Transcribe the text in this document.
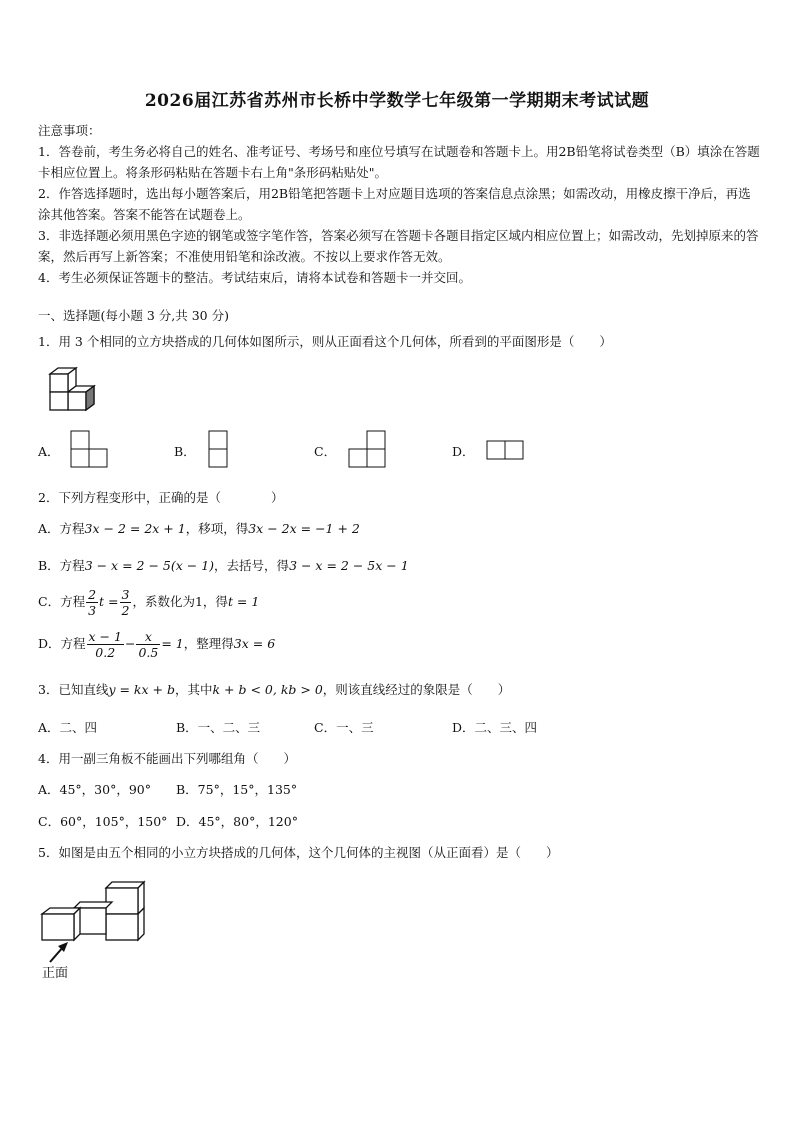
2026届江苏省苏州市长桥中学数学七年级第一学期期末考试试题

注意事项：

1．答卷前，考生务必将自己的姓名、准考证号、考场号和座位号填写在试题卷和答题卡上。用2B铅笔将试卷类型（B）填涂在答题卡相应位置上。将条形码粘贴在答题卡右上角"条形码粘贴处"。

2．作答选择题时，选出每小题答案后，用2B铅笔把答题卡上对应题目选项的答案信息点涂黑；如需改动，用橡皮擦干净后，再选涂其他答案。答案不能答在试题卷上。

3．非选择题必须用黑色字迹的钢笔或签字笔作答，答案必须写在答题卡各题目指定区域内相应位置上；如需改动，先划掉原来的答案，然后再写上新答案；不准使用铅笔和涂改液。不按以上要求作答无效。

4．考生必须保证答题卡的整洁。考试结束后，请将本试卷和答题卡一并交回。

一、选择题(每小题 3 分,共 30 分)
1．用 3 个相同的立方块搭成的几何体如图所示，则从正面看这个几何体，所看到的平面图形是（　　）
A．	B．	C．	D．
2．下列方程变形中，正确的是（　　　　）
A．方程3x − 2 = 2x + 1，移项，得3x − 2x = −1 + 2
B．方程3 − x = 2 − 5(x − 1)，去括号，得3 − x = 2 − 5x − 1
C．方程 $\frac{2}{3}$ $t = \frac{3}{2}$ ，系数化为1，得t = 1
D．方程 $\frac{x - 1}{0.2} - \frac{x}{0.5} = 1$，整理得3x = 6
3．已知直线y = kx + b，其中k + b < 0, kb > 0，则该直线经过的象限是（　　）
A．二、四	B．一、二、三	C．一、三	D．二、三、四
4．用一副三角板不能画出下列哪组角（　　）
A．45°，30°，90° B．75°，15°，135°
C．60°，105°，150° D．45°，80°，120°
5．如图是由五个相同的小立方块搭成的几何体，这个几何体的主视图（从正面看）是（　　）
正面
